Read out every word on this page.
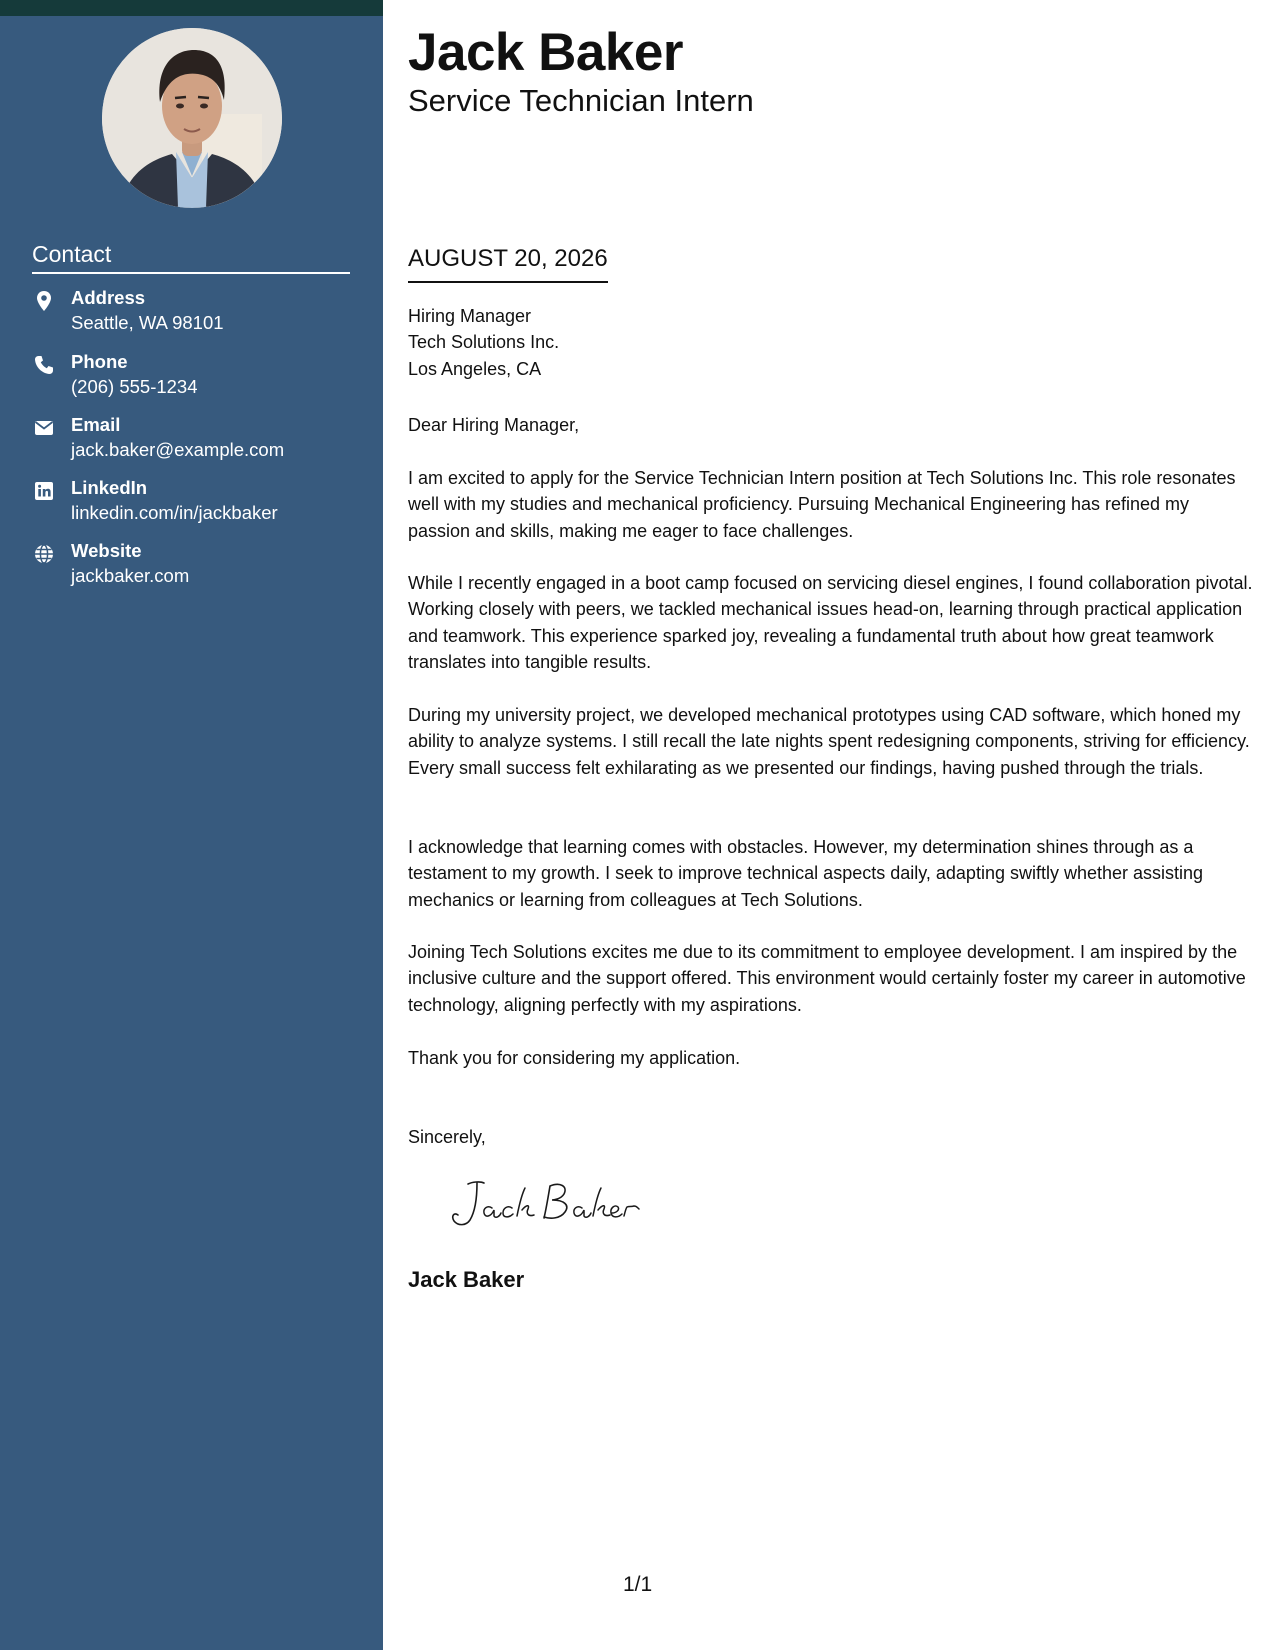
Contact
Address
Seattle, WA 98101
Phone
(206) 555-1234
Email
jack.baker@example.com
LinkedIn
linkedin.com/in/jackbaker
Website
jackbaker.com
Jack Baker
Service Technician Intern
AUGUST 20, 2026
Hiring Manager
Tech Solutions Inc.
Los Angeles, CA
Dear Hiring Manager,
I am excited to apply for the Service Technician Intern position at Tech Solutions Inc. This role resonates well with my studies and mechanical proficiency. Pursuing Mechanical Engineering has refined my passion and skills, making me eager to face challenges.
While I recently engaged in a boot camp focused on servicing diesel engines, I found collaboration pivotal. Working closely with peers, we tackled mechanical issues head-on, learning through practical application and teamwork. This experience sparked joy, revealing a fundamental truth about how great teamwork translates into tangible results.
During my university project, we developed mechanical prototypes using CAD software, which honed my ability to analyze systems. I still recall the late nights spent redesigning components, striving for efficiency. Every small success felt exhilarating as we presented our findings, having pushed through the trials.
I acknowledge that learning comes with obstacles. However, my determination shines through as a testament to my growth. I seek to improve technical aspects daily, adapting swiftly whether assisting mechanics or learning from colleagues at Tech Solutions.
Joining Tech Solutions excites me due to its commitment to employee development. I am inspired by the inclusive culture and the support offered. This environment would certainly foster my career in automotive technology, aligning perfectly with my aspirations.
Thank you for considering my application.
Sincerely,
Jack Baker
1/1
